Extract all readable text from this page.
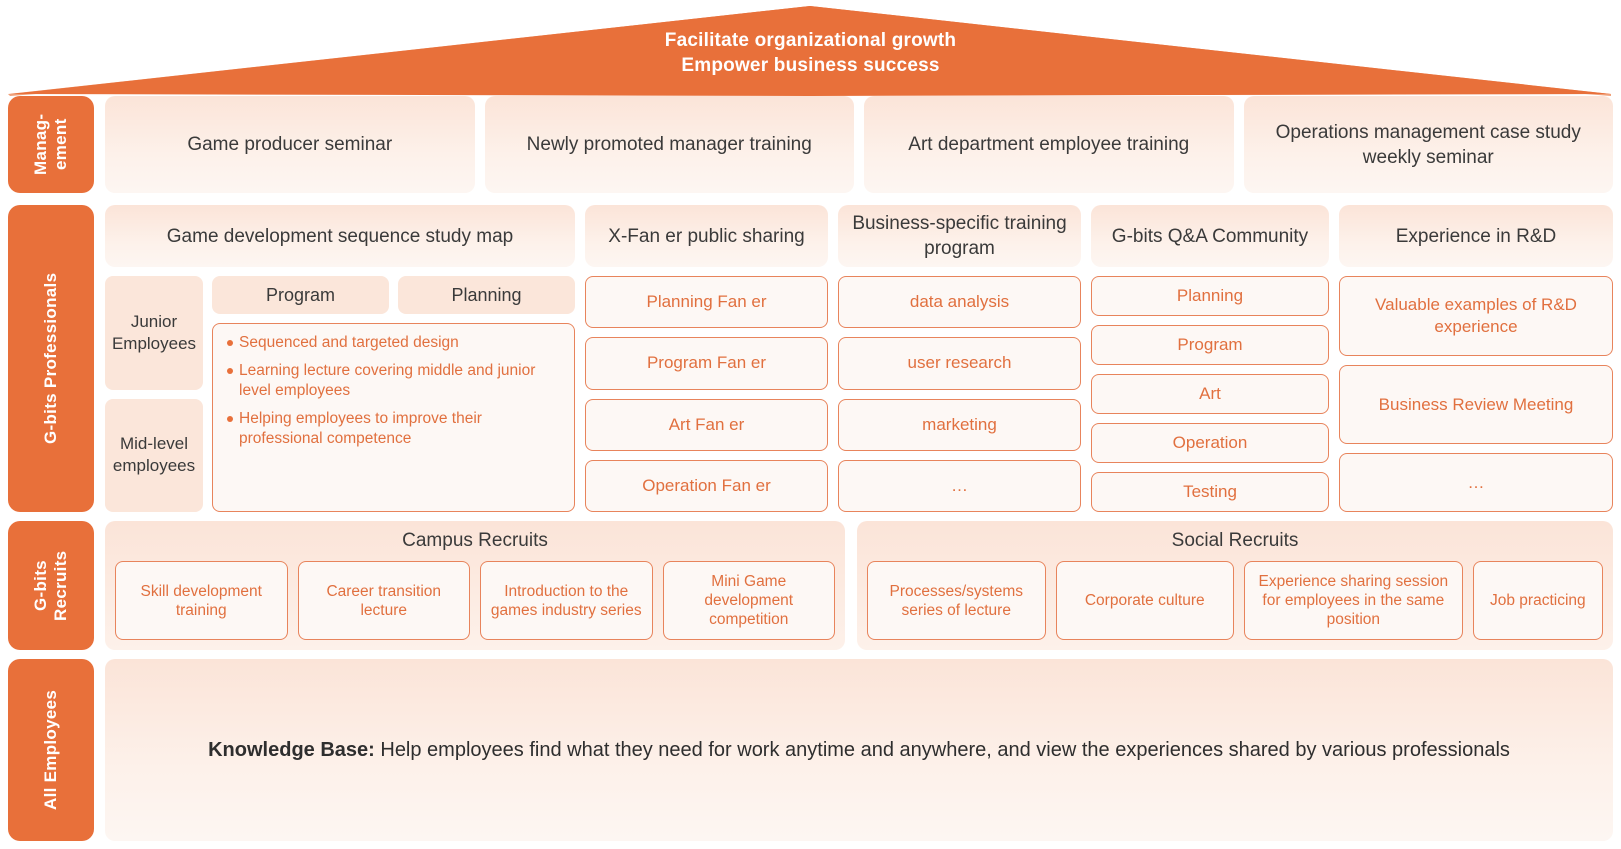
Facilitate organizational growth
Empower business success
Manag- ement	Game producer seminar	Newly promoted manager training	Art department employee training
Operations management case study weekly seminar
G-bits Professionals
Game development sequence study map
Junior Employees
Mid-level employees
Program	Planning
Sequenced and targeted design
Learning lecture covering middle and junior level employees
Helping employees to improve their professional competence
X-Fan er public sharing
Planning Fan er
Program Fan er
Art Fan er
Operation Fan er
Business-specific training program
data analysis
user research
marketing
…
G-bits Q&A Community
Planning
Program
Art
Operation
Testing
Experience in R&D
Valuable examples of R&D experience
Business Review Meeting
…
G-bits Recruits
Campus Recruits
Skill development training
Career transition lecture
Introduction to the games industry series
Mini Game development competition
Social Recruits
Processes/systems series of lecture
Corporate culture
Experience sharing session for employees in the same position
Job practicing
All Employees	Knowledge Base: Help employees find what they need for work anytime and anywhere, and view the experiences shared by various professionals
